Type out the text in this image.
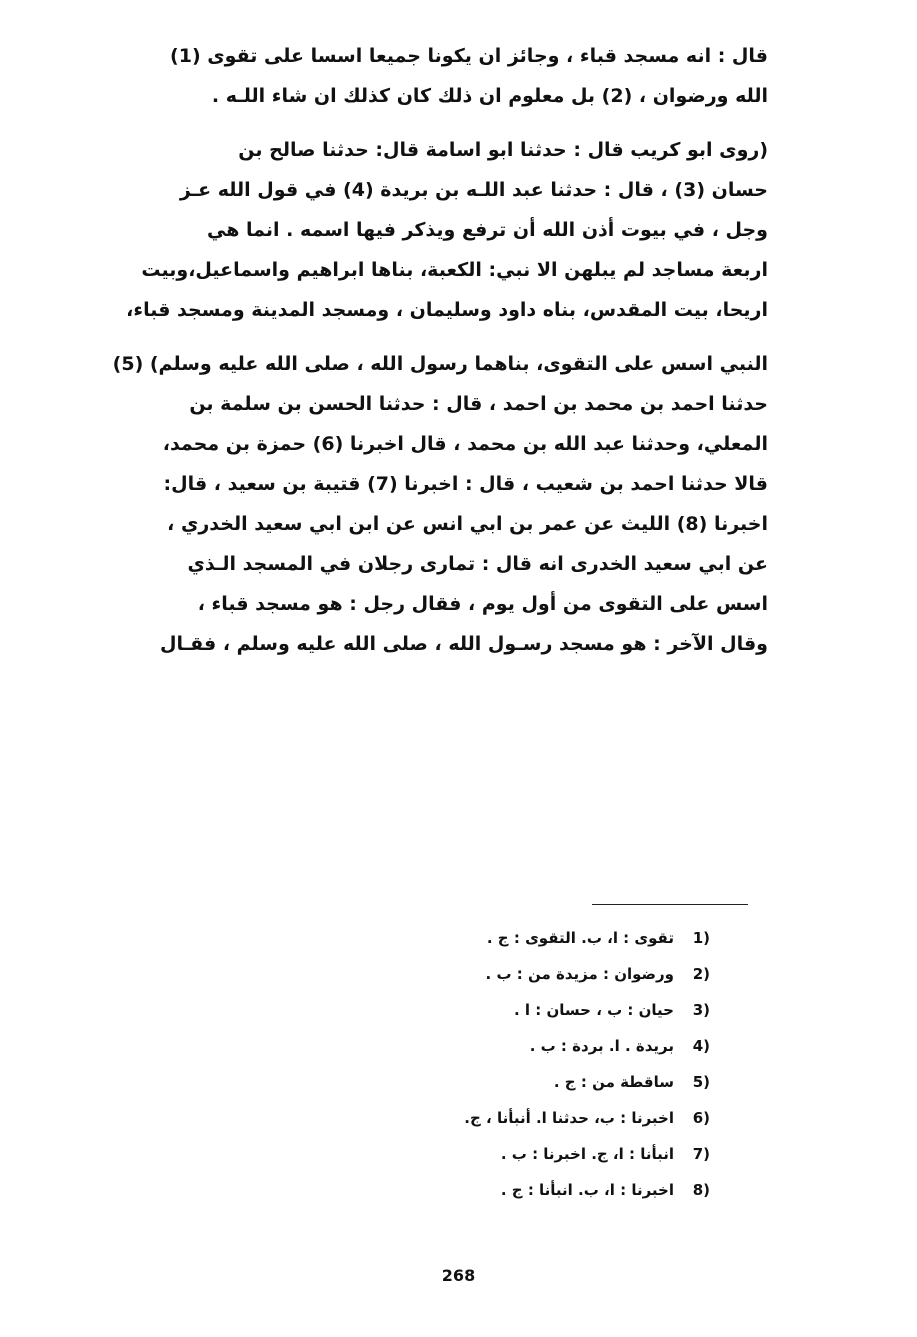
قال : انه مسجد قباء ، وجائز ان يكونا جميعا اسسا على تقوى (1)
الله ورضوان ، (2) بل معلوم ان ذلك كان كذلك ان شاء اللـه .
(روى ابو كريب قال : حدثنا ابو اسامة قال: حدثنا صالح بن
حسان (3) ، قال : حدثنا عبد اللـه بن بريدة (4) في قول الله عـز
وجل ، في بيوت أذن الله أن ترفع ويذكر فيها اسمه . انما هي
اربعة مساجد لم يبلهن الا نبي: الكعبة، بناها ابراهيم واسماعيل،وبيت
اريحا، بيت المقدس، بناه داود وسليمان ، ومسجد المدينة ومسجد قباء،
النبي اسس على التقوى، بناهما رسول الله ، صلى الله عليه وسلم) (5)
حدثنا احمد بن محمد بن احمد ، قال : حدثنا الحسن بن سلمة بن
المعلي، وحدثنا عبد الله بن محمد ، قال اخبرنا (6) حمزة بن محمد،
قالا حدثنا احمد بن شعيب ، قال : اخبرنا (7) قتيبة بن سعيد ، قال:
اخبرنا (8) الليث عن عمر بن ابي انس عن ابن ابي سعيد الخدري ،
عن ابي سعيد الخدرى انه قال : تمارى رجلان في المسجد الـذي
اسس على التقوى من أول يوم ، فقال رجل : هو مسجد قباء ،
وقال الآخر : هو مسجد رسـول الله ، صلى الله عليه وسلم ، فقـال
1)
تقوى : ا، ب. التقوى : ج .
2)
ورضوان : مزيدة من : ب .
3)
حيان : ب ، حسان : ا .
4)
بريدة . ا. بردة : ب .
5)
ساقطة من : ج .
6)
اخبرنا : ب، حدثنا ا. أنبأنا ، ج.
7)
انبأنا : ا، ج. اخبرنا : ب .
8)
اخبرنا : ا، ب. انبأنا : ج .
268
